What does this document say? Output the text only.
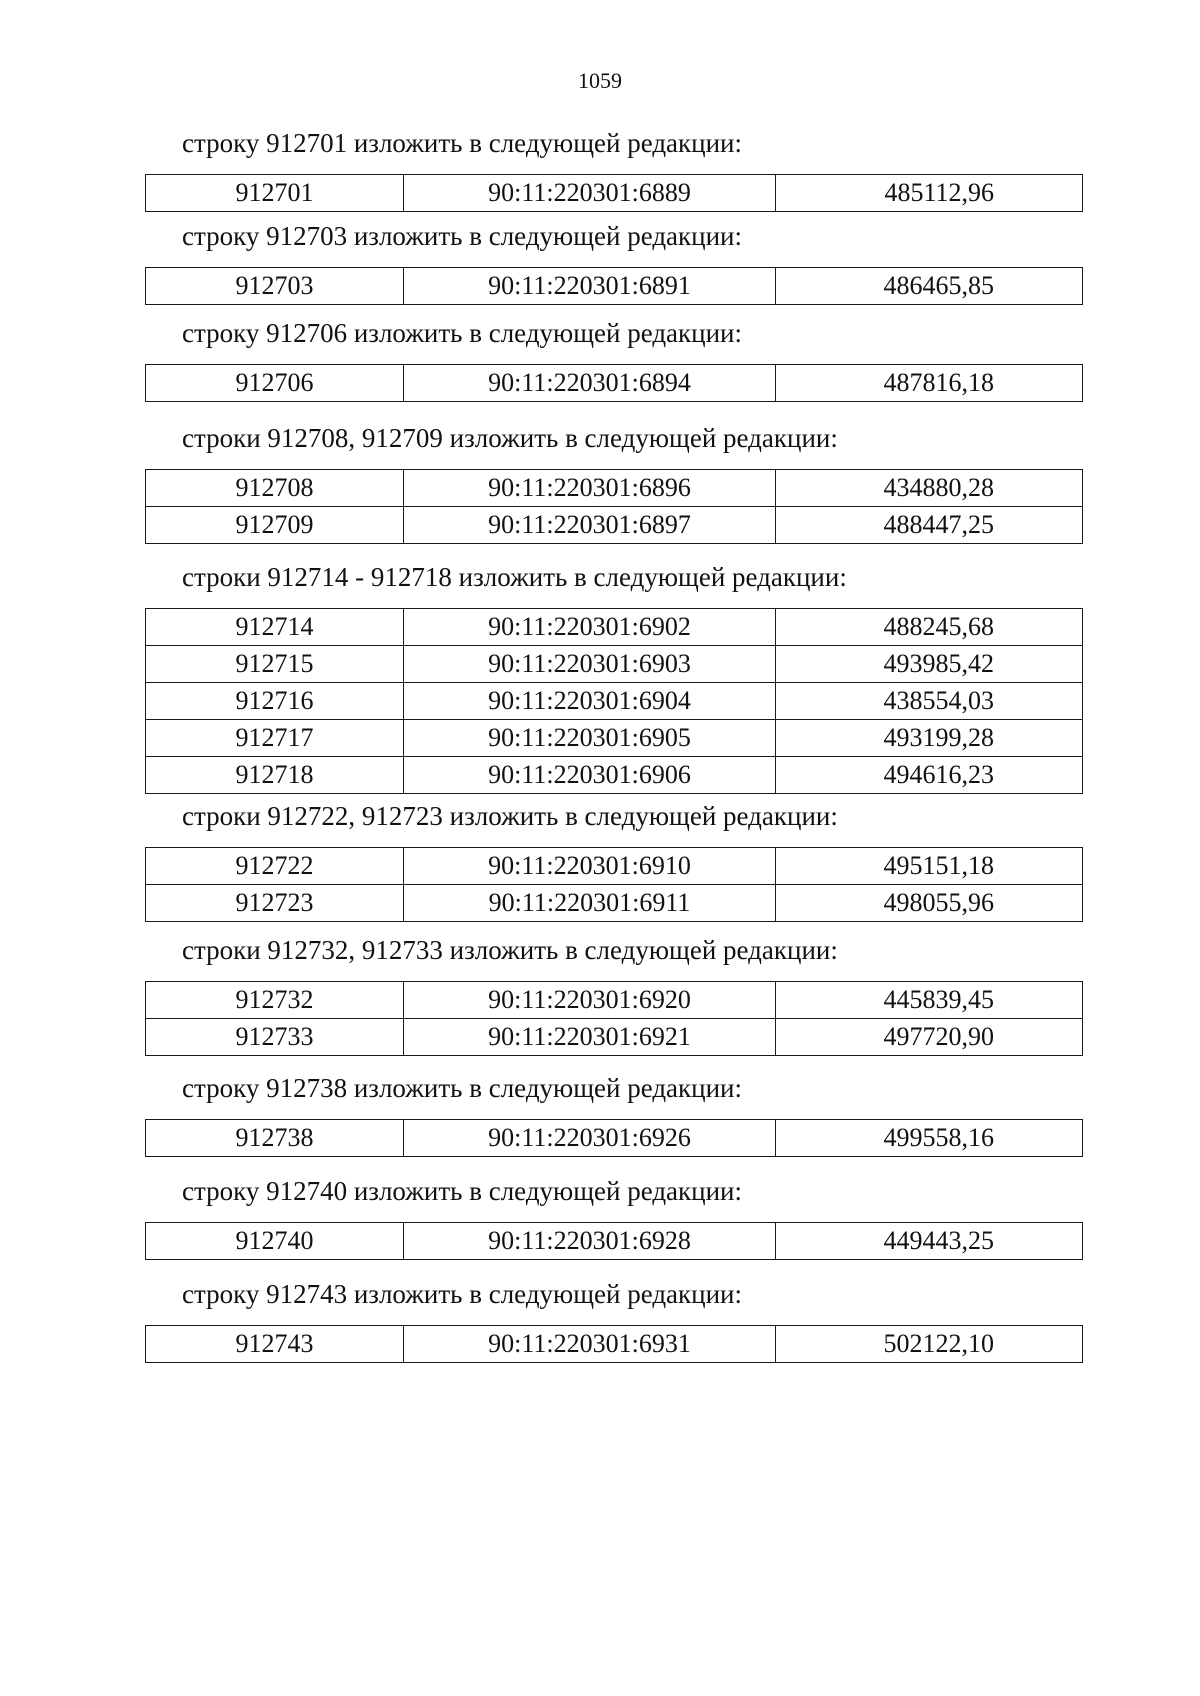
1059

строку 912701 изложить в следующей редакции:

912701	90:11:220301:6889	485112,96

строку 912703 изложить в следующей редакции:

912703	90:11:220301:6891	486465,85

строку 912706 изложить в следующей редакции:

912706	90:11:220301:6894	487816,18

строки 912708, 912709 изложить в следующей редакции:

912708	90:11:220301:6896	434880,28
912709	90:11:220301:6897	488447,25

строки 912714 - 912718 изложить в следующей редакции:

912714	90:11:220301:6902	488245,68
912715	90:11:220301:6903	493985,42
912716	90:11:220301:6904	438554,03
912717	90:11:220301:6905	493199,28
912718	90:11:220301:6906	494616,23

строки 912722, 912723 изложить в следующей редакции:

912722	90:11:220301:6910	495151,18
912723	90:11:220301:6911	498055,96

строки 912732, 912733 изложить в следующей редакции:

912732	90:11:220301:6920	445839,45
912733	90:11:220301:6921	497720,90

строку 912738 изложить в следующей редакции:

912738	90:11:220301:6926	499558,16

строку 912740 изложить в следующей редакции:

912740	90:11:220301:6928	449443,25

строку 912743 изложить в следующей редакции:

912743	90:11:220301:6931	502122,10
